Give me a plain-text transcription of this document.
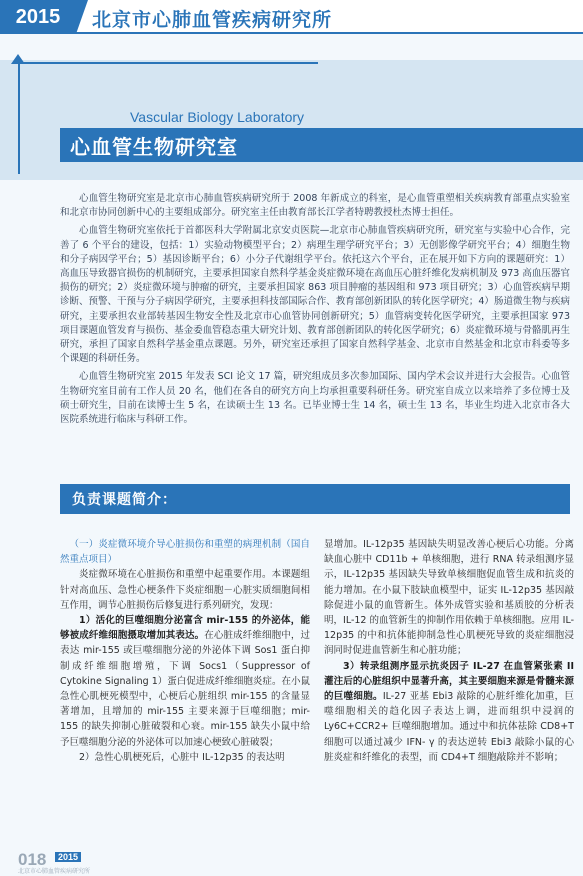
2015	北京市心肺血管疾病研究所
Vascular Biology Laboratory
心血管生物研究室

心血管生物研究室是北京市心肺血管疾病研究所于 2008 年新成立的科室，是心血管重塑相关疾病教育部重点实验室和北京市协同创新中心的主要组成部分。研究室主任由教育部长江学者特聘教授杜杰博士担任。

心血管生物研究室依托于首都医科大学附属北京安贞医院—北京市心肺血管疾病研究所，研究室与实验中心合作，完善了 6 个平台的建设，包括：1）实验动物模型平台；2）病理生理学研究平台；3）无创影像学研究平台；4）细胞生物和分子病因学平台；5）基因诊断平台；6）小分子代谢组学平台。依托这六个平台，正在展开如下方向的课题研究：1）高血压导致器官损伤的机制研究，主要承担国家自然科学基金炎症微环境在高血压心脏纤维化发病机制及 973 高血压器官损伤的研究；2）炎症微环境与肿瘤的研究，主要承担国家 863 项目肿瘤的基因组和 973 项目研究；3）心血管疾病早期诊断、预警、干预与分子病因学研究，主要承担科技部国际合作、教育部创新团队的转化医学研究；4）肠道微生物与疾病研究，主要承担农业部转基因生物安全性及北京市心血管协同创新研究；5）血管病变转化医学研究，主要承担国家 973 项目课题血管发育与损伤、基金委血管稳态重大研究计划、教育部创新团队的转化医学研究；6）炎症微环境与骨骼肌再生研究，承担了国家自然科学基金重点课题。另外，研究室还承担了国家自然科学基金、北京市自然基金和北京市科委等多个课题的科研任务。

心血管生物研究室 2015 年发表 SCI 论文 17 篇，研究组成员多次参加国际、国内学术会议并进行大会报告。心血管生物研究室目前有工作人员 20 名，他们在各自的研究方向上均承担重要科研任务。研究室自成立以来培养了多位博士及硕士研究生，目前在读博士生 5 名，在读硕士生 13 名。已毕业博士生 14 名，硕士生 13 名，毕业生均进入北京市各大医院系统进行临床与科研工作。

负责课题简介：

（一）炎症微环境介导心脏损伤和重塑的病理机制（国自然重点项目）

炎症微环境在心脏损伤和重塑中起重要作用。本课题组针对高血压、急性心梗条件下炎症细胞－心脏实质细胞间相互作用，调节心脏损伤后修复进行系列研究，发现：

1）活化的巨噬细胞分泌富含 mir-155 的外泌体，能够被成纤维细胞摄取增加其表达。在心脏成纤维细胞中，过表达 mir-155 或巨噬细胞分泌的外泌体下调 Sos1 蛋白抑制成纤维细胞增殖，下调 Socs1（Suppressor of Cytokine Signaling 1）蛋白促进成纤维细胞炎症。在小鼠急性心肌梗死模型中，心梗后心脏组织 mir-155 的含量显著增加，且增加的 mir-155 主要来源于巨噬细胞；mir-155 的缺失抑制心脏破裂和心衰。mir-155 缺失小鼠中给予巨噬细胞分泌的外泌体可以加速心梗致心脏破裂；

2）急性心肌梗死后，心脏中 IL-12p35 的表达明

显增加。IL-12p35 基因缺失明显改善心梗后心功能。分离缺血心脏中 CD11b + 单核细胞，进行 RNA 转录组测序显示，IL-12p35 基因缺失导致单核细胞促血管生成和抗炎的能力增加。在小鼠下肢缺血模型中，证实 IL-12p35 基因敲除促进小鼠的血管新生。体外成管实验和基质胶的分析表明，IL-12 的血管新生的抑制作用依赖于单核细胞。应用 IL-12p35 的中和抗体能抑制急性心肌梗死导致的炎症细胞浸润同时促进血管新生和心脏功能；

3）转录组测序显示抗炎因子 IL-27 在血管紧张素 II 灌注后的心脏组织中显著升高，其主要细胞来源是骨髓来源的巨噬细胞。IL-27 亚基 Ebi3 敲除的心脏纤维化加重，巨噬细胞相关的趋化因子表达上调，进而组织中浸润的 Ly6C+CCR2+ 巨噬细胞增加。通过中和抗体祛除 CD8+T 细胞可以通过减少 IFN- γ 的表达逆转 Ebi3 敲除小鼠的心脏炎症和纤维化的表型，而 CD4+T 细胞敲除并不影响；

018	2015
北京市心肺血管疾病研究所
